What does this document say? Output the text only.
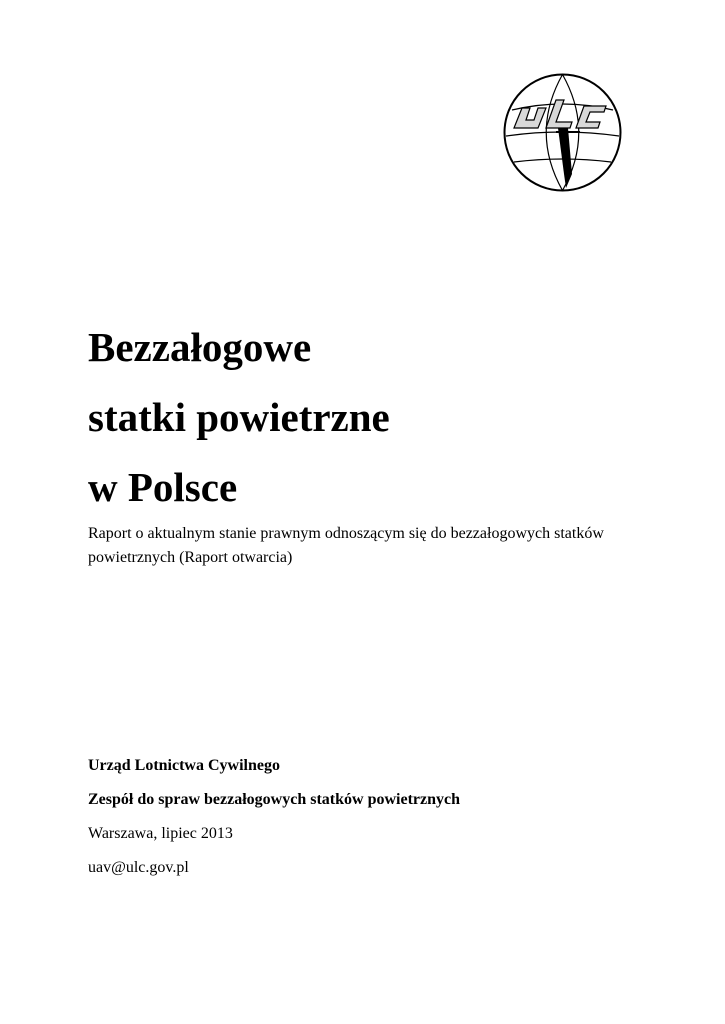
Bezzałogowe
statki powietrzne
w Polsce

Raport o aktualnym stanie prawnym odnoszącym się do bezzałogowych statków powietrznych (Raport otwarcia)

Urząd Lotnictwa Cywilnego

Zespół do spraw bezzałogowych statków powietrznych

Warszawa, lipiec 2013

uav@ulc.gov.pl
